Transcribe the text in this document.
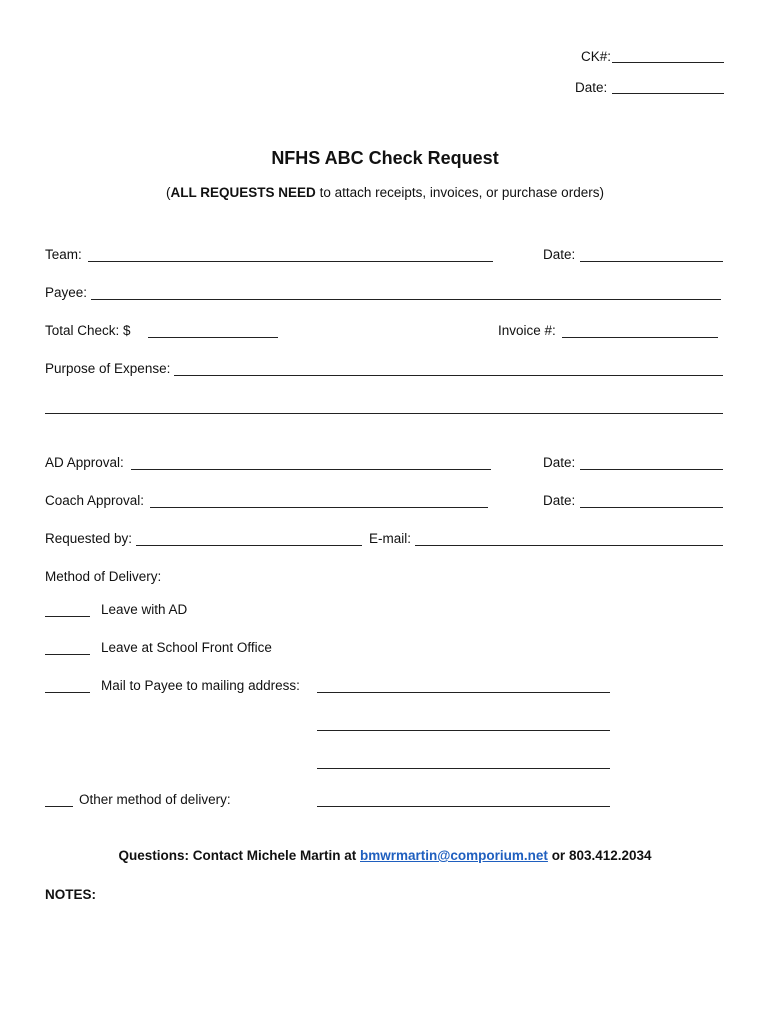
CK#:
Date:
NFHS ABC Check Request
(ALL REQUESTS NEED to attach receipts, invoices, or purchase orders)
Team:	Date:
Payee:
Total Check: $	Invoice #:
Purpose of Expense:
AD Approval:	Date:
Coach Approval:	Date:
Requested by:	E-mail:
Method of Delivery:
Leave with AD
Leave at School Front Office
Mail to Payee to mailing address:
Other method of delivery:
Questions: Contact Michele Martin at bmwrmartin@comporium.net or 803.412.2034
NOTES:
